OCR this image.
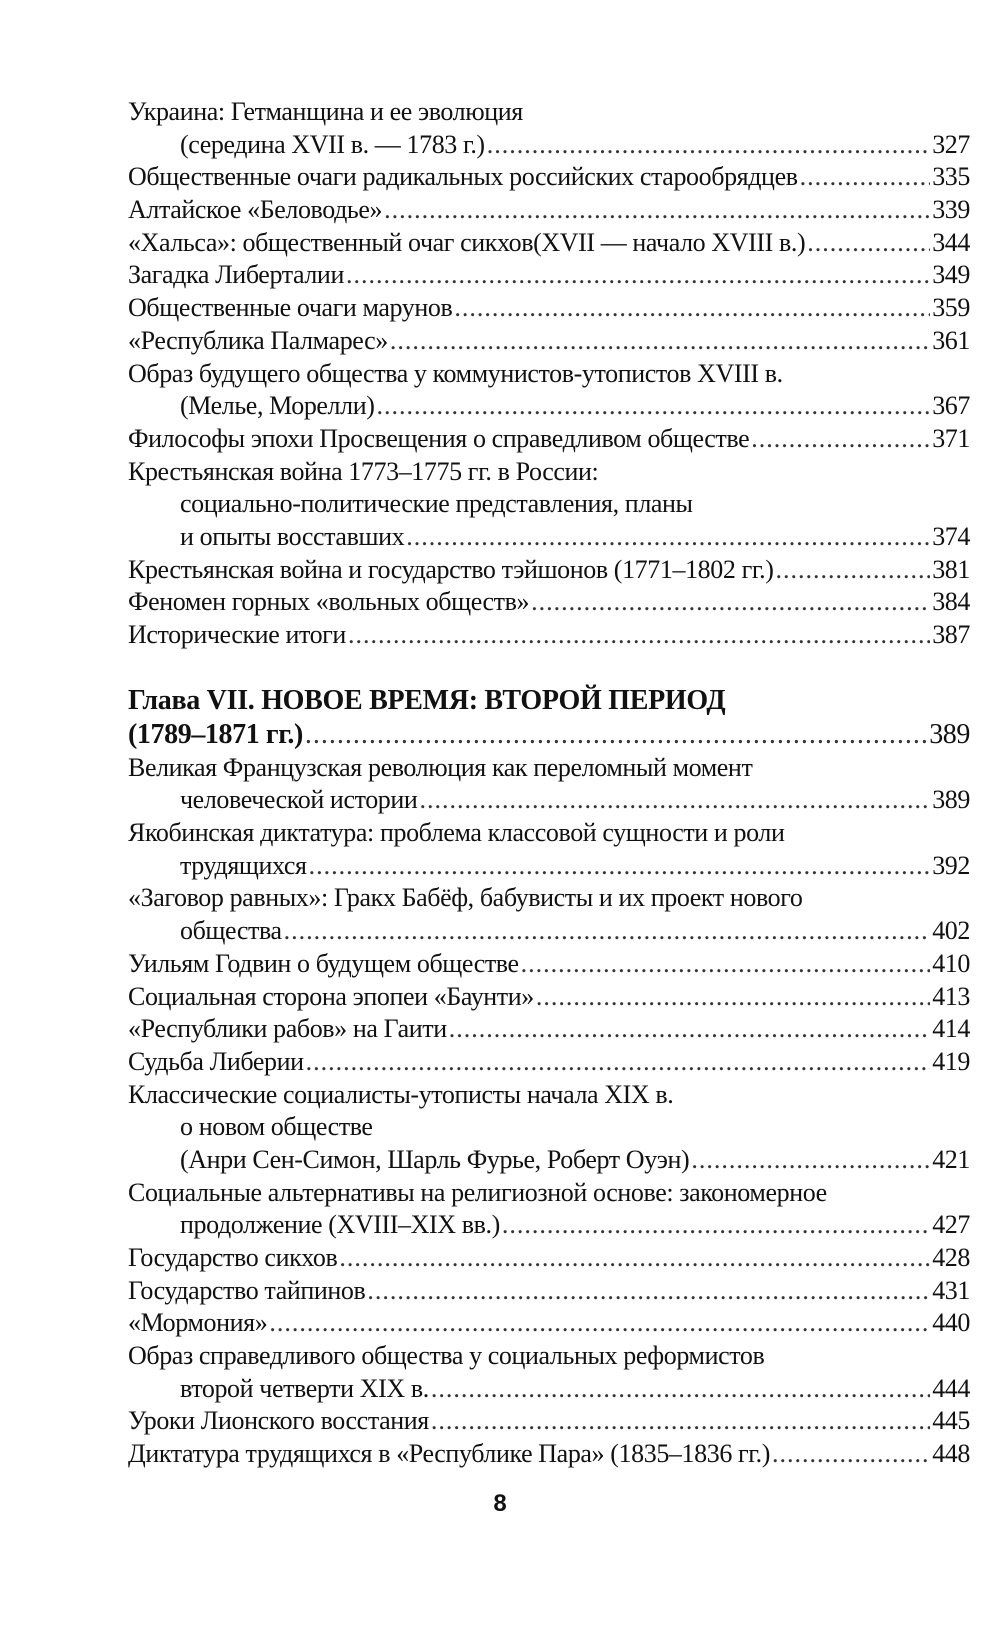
Украина: Гетманщина и ее эволюция
(середина XVII в. — 1783 г.) .....	327
Общественные очаги радикальных российских старообрядцев .....	335
Алтайское «Беловодье» .....	339
«Хальса»: общественный очаг сикхов(XVII — начало XVIII в.) .....	344
Загадка Либерталии .....	349
Общественные очаги марунов .....	359
«Республика Палмарес» .....	361
Образ будущего общества у коммунистов-утопистов XVIII в.
(Мелье, Морелли) .....	367
Философы эпохи Просвещения о справедливом обществе .....	371
Крестьянская война 1773–1775 гг. в России:
социально-политические представления, планы
и опыты восставших .....	374
Крестьянская война и государство тэйшонов (1771–1802 гг.) .....	381
Феномен горных «вольных обществ» .....	384
Исторические итоги .....	387
Глава VII. НОВОЕ ВРЕМЯ: ВТОРОЙ ПЕРИОД
(1789–1871 гг.) .....	389
Великая Французская революция как переломный момент
человеческой истории .....	389
Якобинская диктатура: проблема классовой сущности и роли
трудящихся .....	392
«Заговор равных»: Гракх Бабёф, бабувисты и их проект нового
общества .....	402
Уильям Годвин о будущем обществе .....	410
Социальная сторона эпопеи «Баунти» .....	413
«Республики рабов» на Гаити .....	414
Судьба Либерии .....	419
Классические социалисты-утописты начала XIX в.
о новом обществе
(Анри Сен-Симон, Шарль Фурье, Роберт Оуэн) .....	421
Социальные альтернативы на религиозной основе: закономерное
продолжение (XVIII–XIX вв.) .....	427
Государство сикхов .....	428
Государство тайпинов .....	431
«Мормония» .....	440
Образ справедливого общества у социальных реформистов
второй четверти XIX в. .....	444
Уроки Лионского восстания .....	445
Диктатура трудящихся в «Республике Пара» (1835–1836 гг.) .....	448
8
